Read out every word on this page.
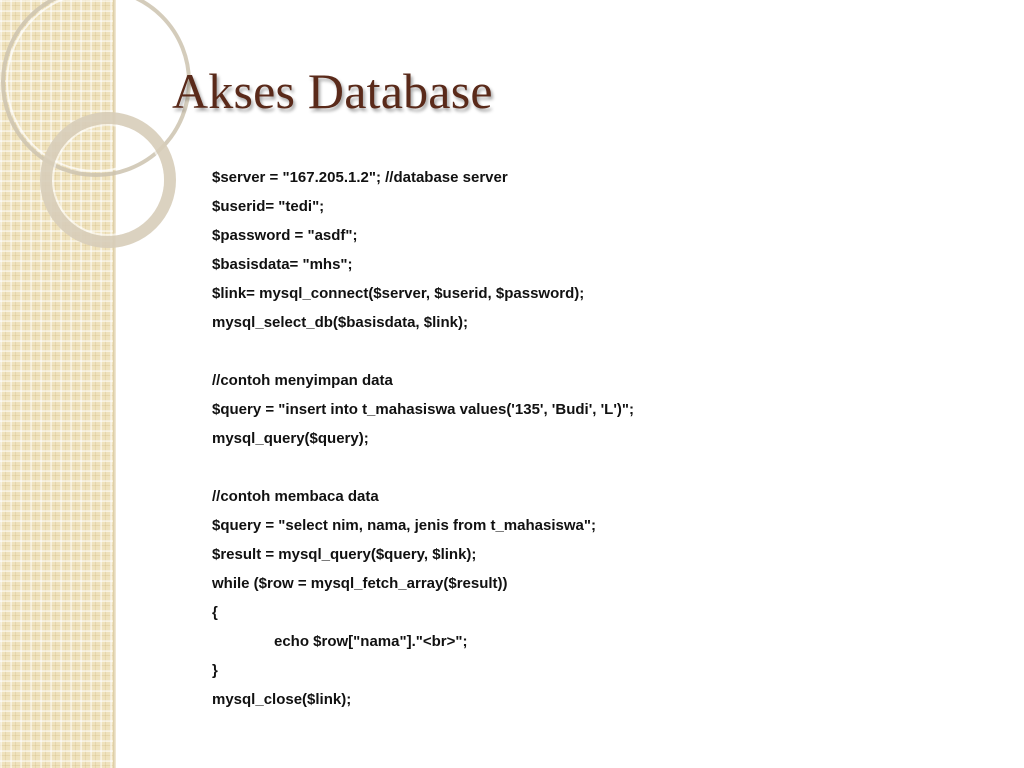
Akses Database
$server = "167.205.1.2"; //database server
$userid= "tedi";
$password = "asdf";
$basisdata= "mhs";
$link= mysql_connect($server, $userid, $password);
mysql_select_db($basisdata, $link);
//contoh menyimpan data
$query = "insert into t_mahasiswa values('135', 'Budi', 'L')";
mysql_query($query);
//contoh membaca data
$query = "select nim, nama, jenis from t_mahasiswa";
$result = mysql_query($query, $link);
while ($row = mysql_fetch_array($result))
{
echo $row["nama"]."<br>";
}
mysql_close($link);
